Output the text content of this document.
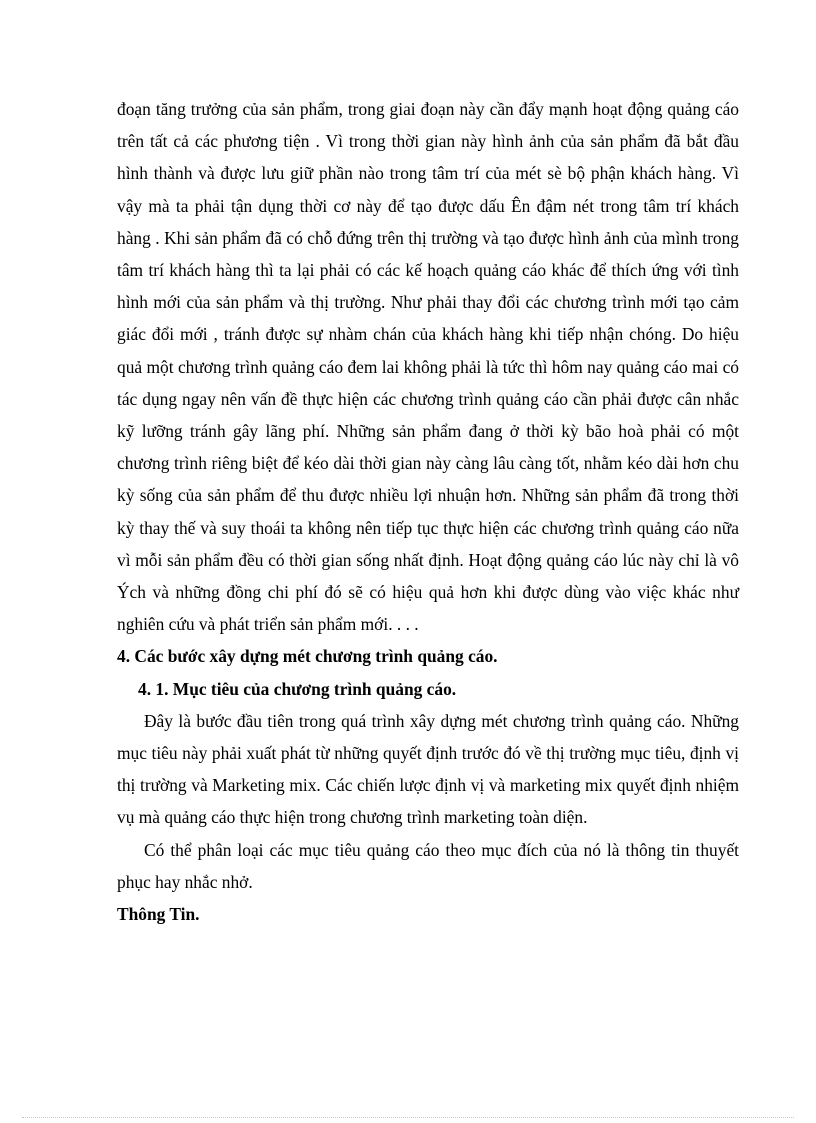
đoạn tăng trưởng của sản phẩm, trong giai đoạn này cần đẩy mạnh hoạt động quảng cáo trên tất cả các phương tiện . Vì trong thời gian này hình ảnh của sản phẩm đã bắt đầu hình thành và được lưu giữ phần nào trong tâm trí của mét sè bộ phận khách hàng. Vì vậy mà ta phải tận dụng thời cơ này để tạo được dấu Ên đậm nét trong tâm trí khách hàng . Khi sản phẩm đã có chỗ đứng trên thị trường và tạo được hình ảnh của mình trong tâm trí khách hàng thì ta lại phải có các kế hoạch quảng cáo khác để thích ứng với tình hình mới của sản phẩm và thị trường. Như phải thay đổi các chương trình mới tạo cảm giác đổi mới , tránh được sự nhàm chán của khách hàng khi tiếp nhận chóng. Do hiệu quả một chương trình quảng cáo đem lai không phải là tức thì hôm nay quảng cáo mai có tác dụng ngay nên vấn đề thực hiện các chương trình quảng cáo cần phải được cân nhắc kỹ lưỡng tránh gây lãng phí. Những sản phẩm đang ở thời kỳ bão hoà phải có một chương trình riêng biệt để kéo dài thời gian này càng lâu càng tốt, nhằm kéo dài hơn chu kỳ sống của sản phẩm để thu được nhiều lợi nhuận hơn. Những sản phẩm đã trong thời kỳ thay thế và suy thoái ta không nên tiếp tục thực hiện các chương trình quảng cáo nữa vì mỗi sản phẩm đều có thời gian sống nhất định. Hoạt động quảng cáo lúc này chỉ là vô Ých và những đồng chi phí đó sẽ có hiệu quả hơn khi được dùng vào việc khác như nghiên cứu và phát triển sản phẩm mới. . . .

4. Các bước xây dựng mét chương trình quảng cáo.

4. 1. Mục tiêu của chương trình quảng cáo.

Đây là bước đầu tiên trong quá trình xây dựng mét chương trình quảng cáo. Những mục tiêu này phải xuất phát từ những quyết định trước đó về thị trường mục tiêu, định vị thị trường và Marketing mix. Các chiến lược định vị và marketing mix quyết định nhiệm vụ mà quảng cáo thực hiện trong chương trình marketing toàn diện.

Có thể phân loại các mục tiêu quảng cáo theo mục đích của nó là thông tin thuyết phục hay nhắc nhở.

Thông Tin.
